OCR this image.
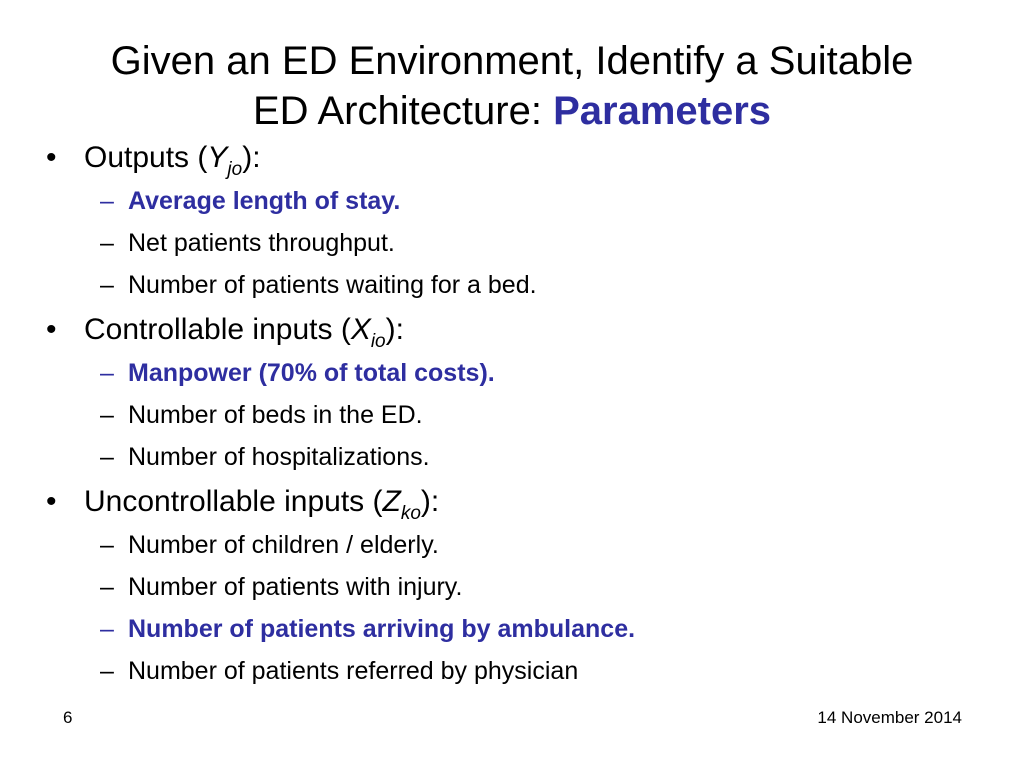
Given an ED Environment, Identify a Suitable
ED Architecture: Parameters
• Outputs $(Y_{jo})$:
– Average length of stay.
– Net patients throughput.
– Number of patients waiting for a bed.
• Controllable inputs $(X_{io})$:
– Manpower (70% of total costs).
– Number of beds in the ED.
– Number of hospitalizations.
• Uncontrollable inputs $(Z_{ko})$:
– Number of children / elderly.
– Number of patients with injury.
– Number of patients arriving by ambulance.
– Number of patients referred by physician
6	14 November 2014
